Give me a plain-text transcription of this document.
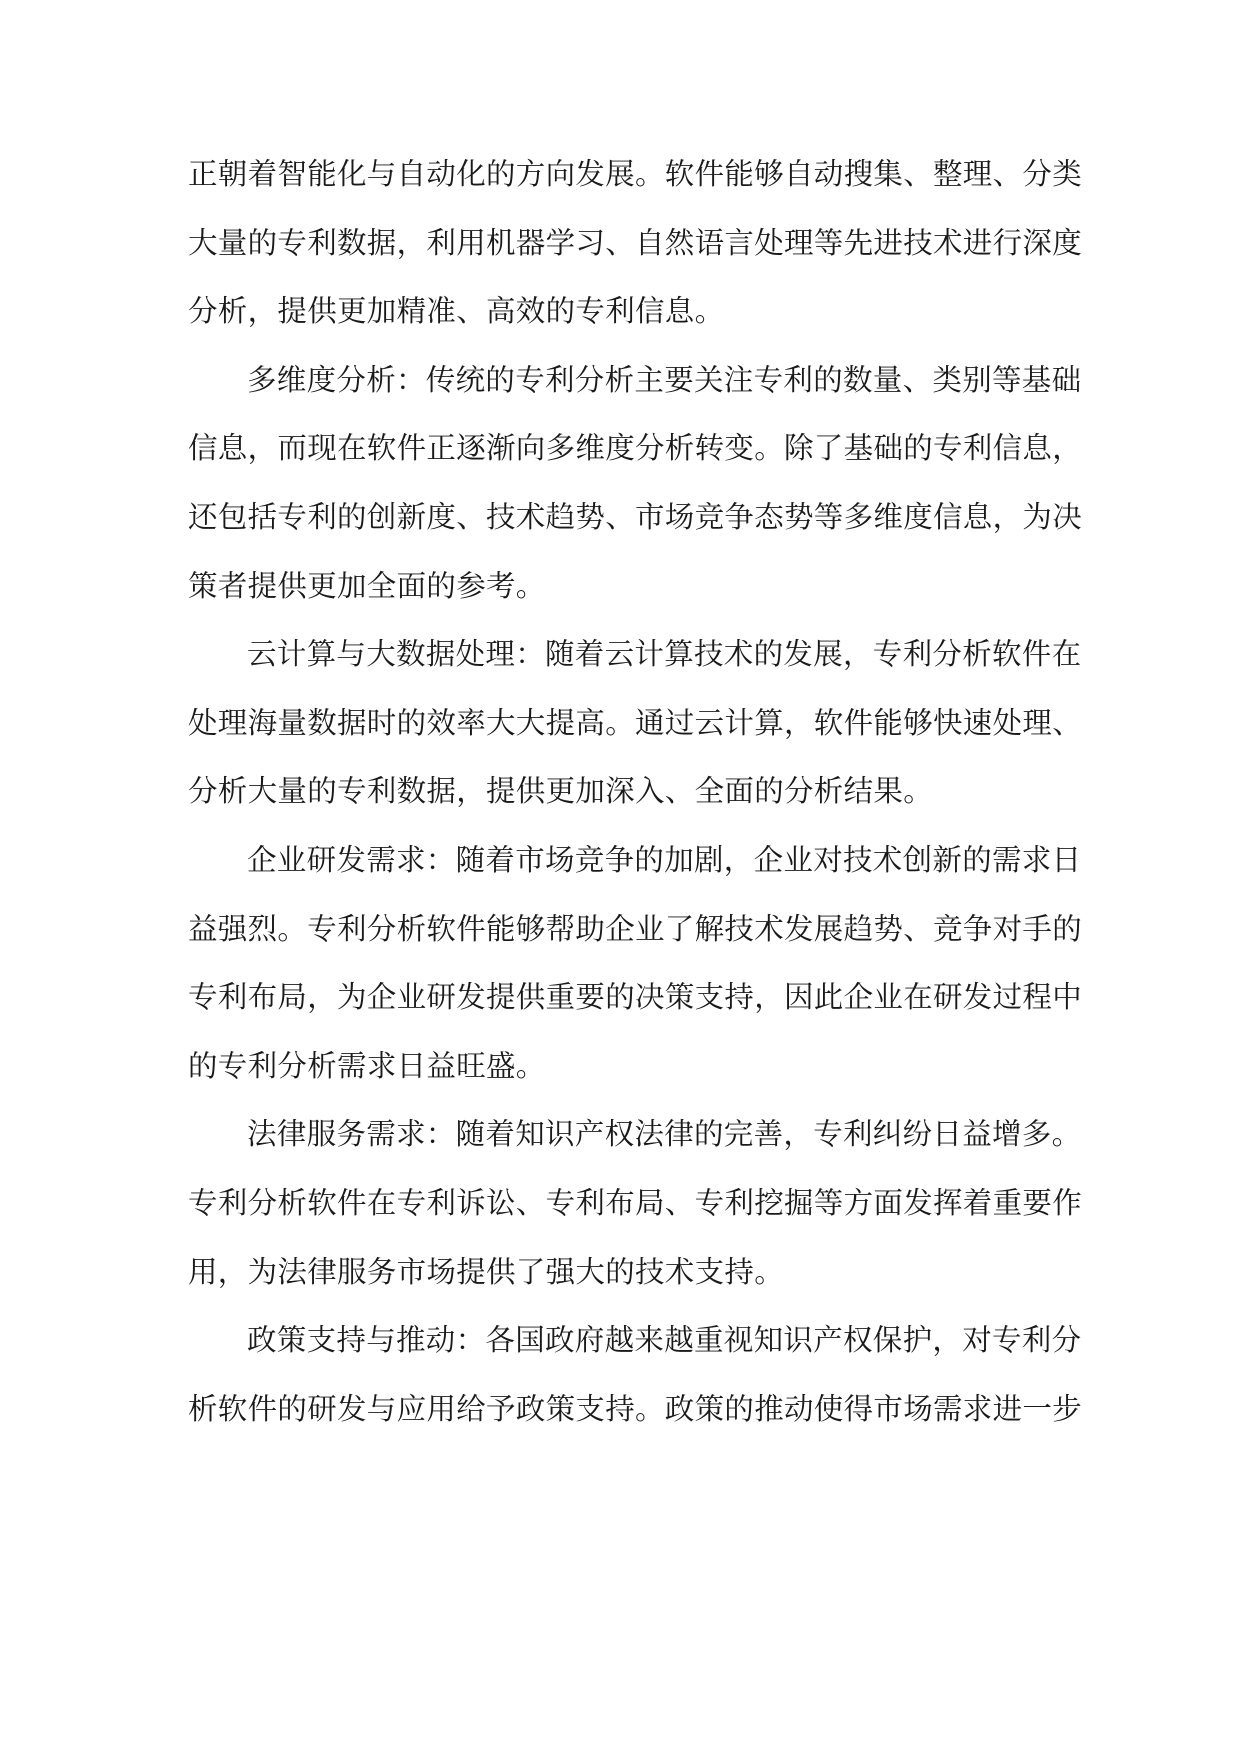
正朝着智能化与自动化的方向发展。软件能够自动搜集、整理、分类
大量的专利数据，利用机器学习、自然语言处理等先进技术进行深度
分析，提供更加精准、高效的专利信息。
多维度分析：传统的专利分析主要关注专利的数量、类别等基础
信息，而现在软件正逐渐向多维度分析转变。除了基础的专利信息，
还包括专利的创新度、技术趋势、市场竞争态势等多维度信息，为决
策者提供更加全面的参考。
云计算与大数据处理：随着云计算技术的发展，专利分析软件在
处理海量数据时的效率大大提高。通过云计算，软件能够快速处理、
分析大量的专利数据，提供更加深入、全面的分析结果。
企业研发需求：随着市场竞争的加剧，企业对技术创新的需求日
益强烈。专利分析软件能够帮助企业了解技术发展趋势、竞争对手的
专利布局，为企业研发提供重要的决策支持，因此企业在研发过程中
的专利分析需求日益旺盛。
法律服务需求：随着知识产权法律的完善，专利纠纷日益增多。
专利分析软件在专利诉讼、专利布局、专利挖掘等方面发挥着重要作
用，为法律服务市场提供了强大的技术支持。
政策支持与推动：各国政府越来越重视知识产权保护，对专利分
析软件的研发与应用给予政策支持。政策的推动使得市场需求进一步
